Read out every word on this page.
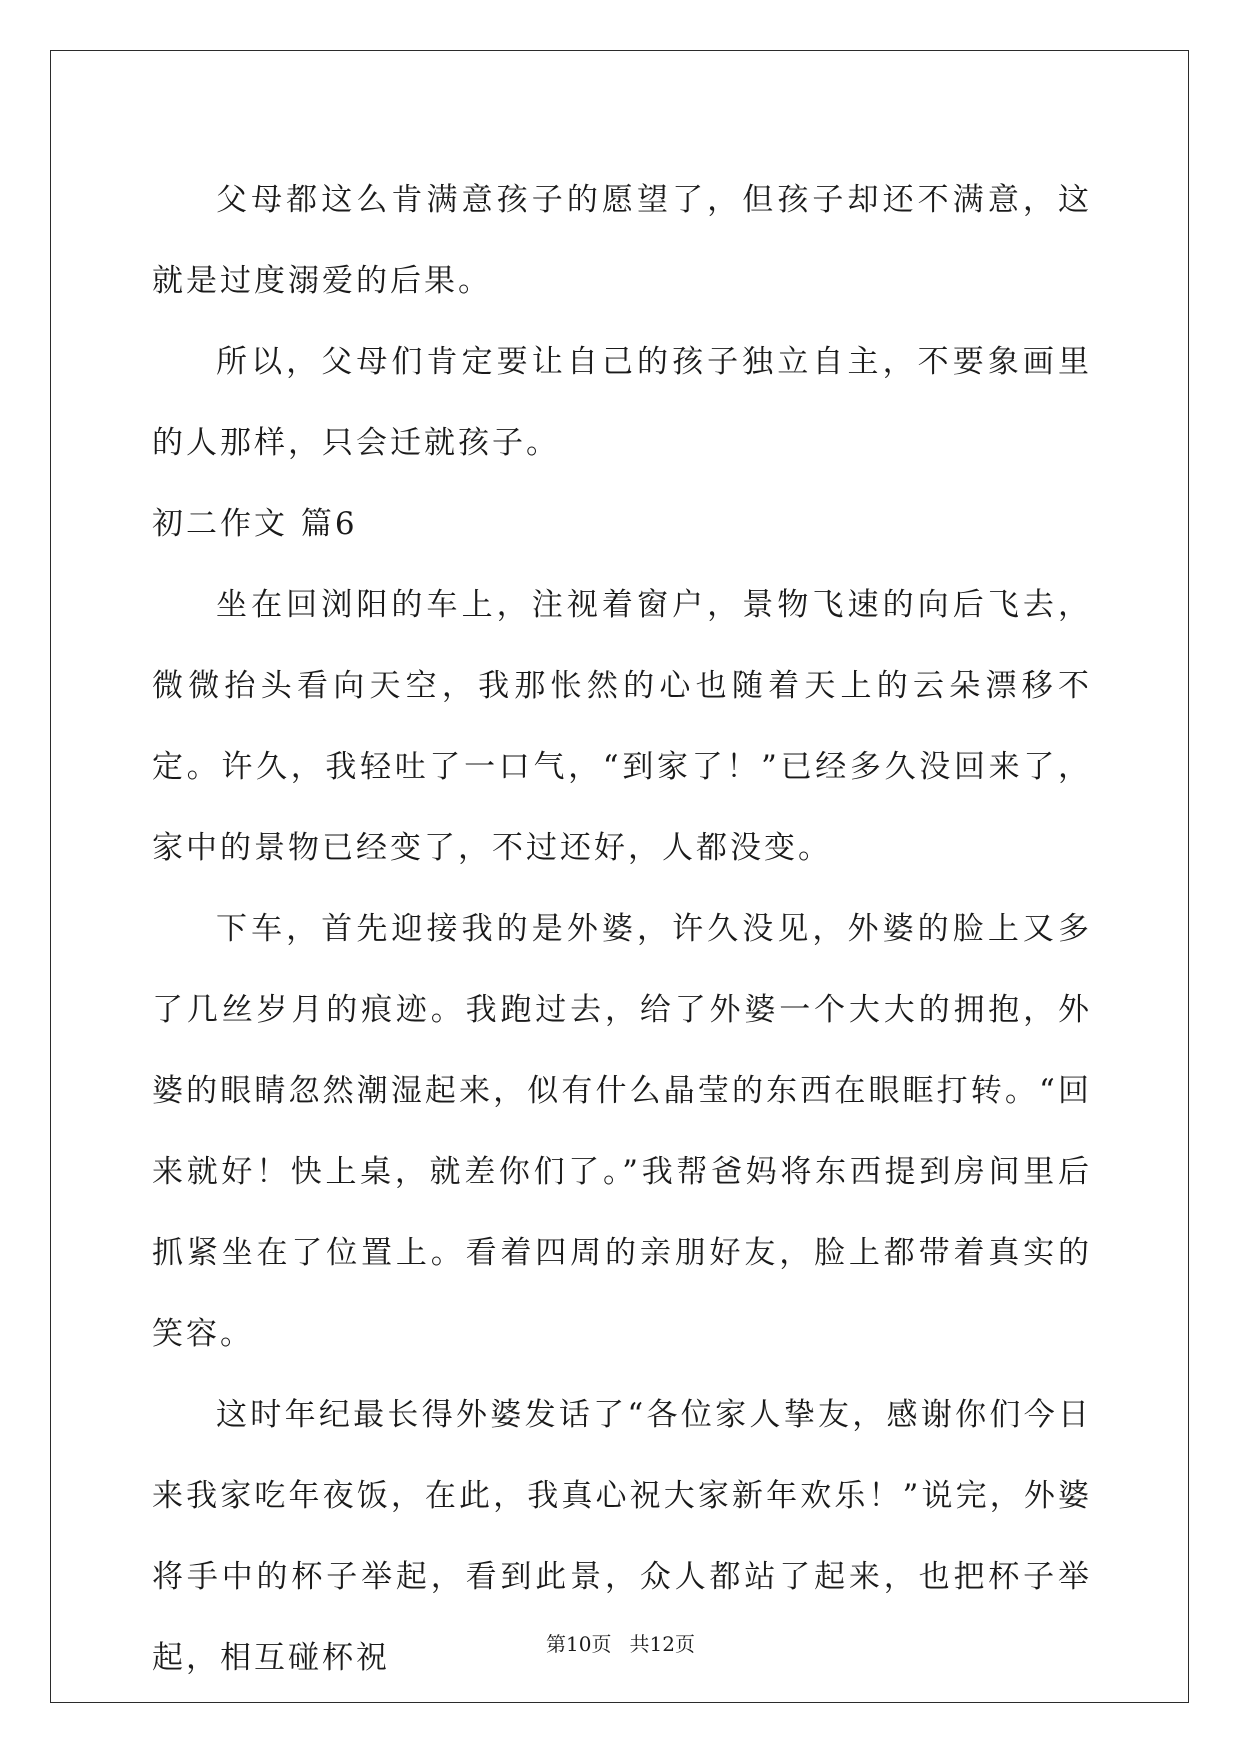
父母都这么肯满意孩子的愿望了，但孩子却还不满意，这就是过度溺爱的后果。

所以，父母们肯定要让自己的孩子独立自主，不要象画里的人那样，只会迁就孩子。

初二作文 篇6

坐在回浏阳的车上，注视着窗户，景物飞速的向后飞去，微微抬头看向天空，我那怅然的心也随着天上的云朵漂移不定。许久，我轻吐了一口气，“到家了！”已经多久没回来了，家中的景物已经变了，不过还好，人都没变。

下车，首先迎接我的是外婆，许久没见，外婆的脸上又多了几丝岁月的痕迹。我跑过去，给了外婆一个大大的拥抱，外婆的眼睛忽然潮湿起来，似有什么晶莹的东西在眼眶打转。“回来就好！快上桌，就差你们了。”我帮爸妈将东西提到房间里后抓紧坐在了位置上。看着四周的亲朋好友，脸上都带着真实的笑容。

这时年纪最长得外婆发话了“各位家人挚友，感谢你们今日来我家吃年夜饭，在此，我真心祝大家新年欢乐！”说完，外婆将手中的杯子举起，看到此景，众人都站了起来，也把杯子举起，相互碰杯祝	第10页 共12页
